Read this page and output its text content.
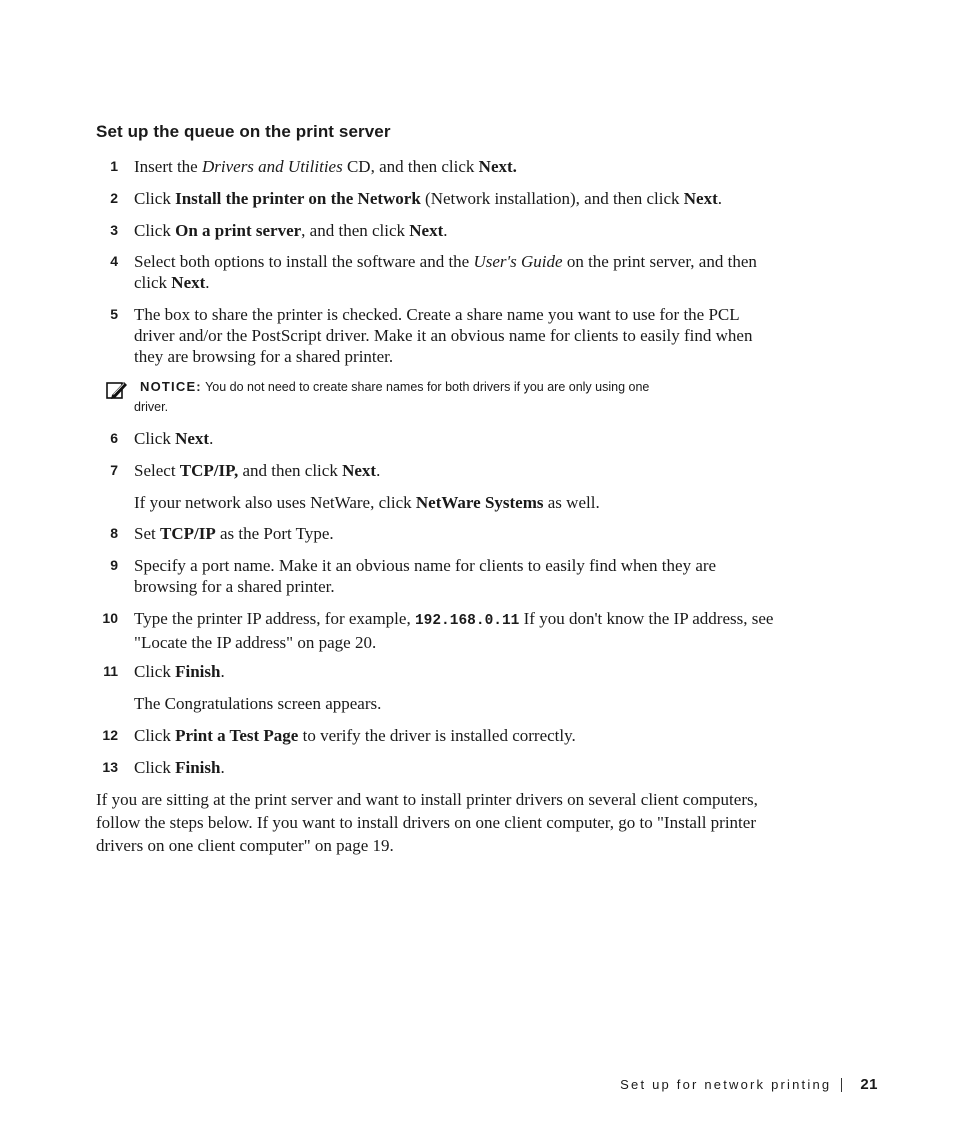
Set up the queue on the print server
1 Insert the Drivers and Utilities CD, and then click Next.
2 Click Install the printer on the Network (Network installation), and then click Next.
3 Click On a print server, and then click Next.
4 Select both options to install the software and the User's Guide on the print server, and then click Next.
5 The box to share the printer is checked. Create a share name you want to use for the PCL driver and/or the PostScript driver. Make it an obvious name for clients to easily find when they are browsing for a shared printer.
NOTICE: You do not need to create share names for both drivers if you are only using one
driver.
6 Click Next.
7 Select TCP/IP, and then click Next.
If your network also uses NetWare, click NetWare Systems as well.
8 Set TCP/IP as the Port Type.
9 Specify a port name. Make it an obvious name for clients to easily find when they are browsing for a shared printer.
10 Type the printer IP address, for example, 192.168.0.11 If you don't know the IP address, see "Locate the IP address" on page 20.
11 Click Finish.
The Congratulations screen appears.
12 Click Print a Test Page to verify the driver is installed correctly.
13 Click Finish.
If you are sitting at the print server and want to install printer drivers on several client computers, follow the steps below. If you want to install drivers on one client computer, go to "Install printer drivers on one client computer" on page 19.
Set up for network printing 21
